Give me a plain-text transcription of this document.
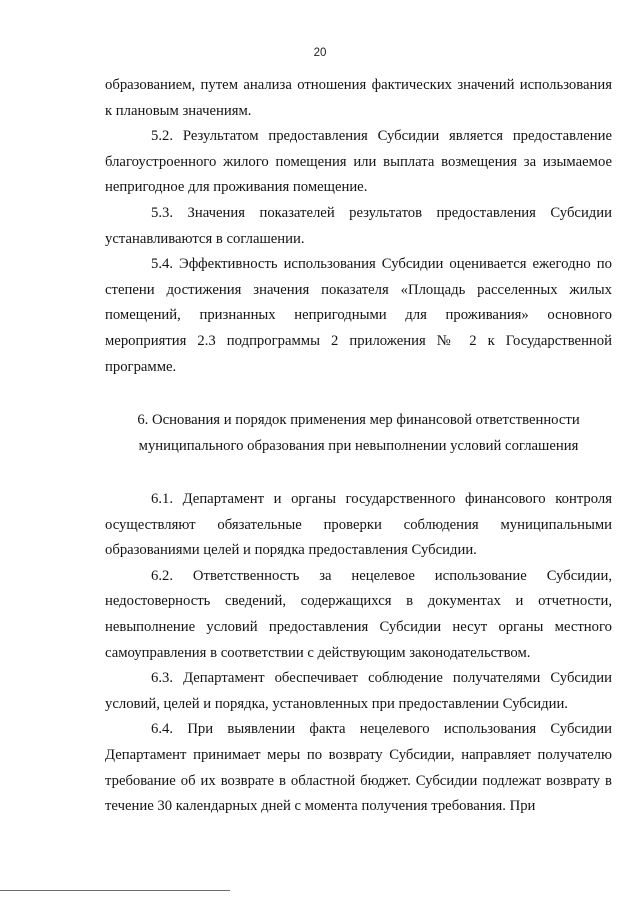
20

образованием, путем анализа отношения фактических значений использования к плановым значениям.

5.2. Результатом предоставления Субсидии является предоставление благоустроенного жилого помещения или выплата возмещения за изымаемое непригодное для проживания помещение.

5.3. Значения показателей результатов предоставления Субсидии устанавливаются в соглашении.

5.4. Эффективность использования Субсидии оценивается ежегодно по степени достижения значения показателя «Площадь расселенных жилых помещений, признанных непригодными для проживания» основного мероприятия 2.3 подпрограммы 2 приложения № 2 к Государственной программе.

6. Основания и порядок применения мер финансовой ответственности

муниципального образования при невыполнении условий соглашения

6.1. Департамент и органы государственного финансового контроля осуществляют обязательные проверки соблюдения муниципальными образованиями целей и порядка предоставления Субсидии.

6.2. Ответственность за нецелевое использование Субсидии, недостоверность сведений, содержащихся в документах и отчетности, невыполнение условий предоставления Субсидии несут органы местного самоуправления в соответствии с действующим законодательством.

6.3. Департамент обеспечивает соблюдение получателями Субсидии условий, целей и порядка, установленных при предоставлении Субсидии.

6.4. При выявлении факта нецелевого использования Субсидии Департамент принимает меры по возврату Субсидии, направляет получателю требование об их возврате в областной бюджет. Субсидии подлежат возврату в течение 30 календарных дней с момента получения требования. При
